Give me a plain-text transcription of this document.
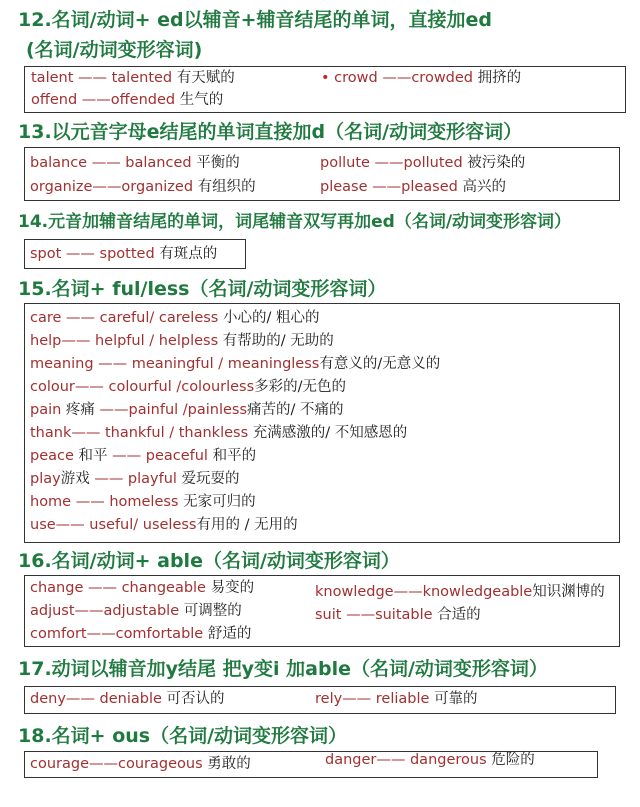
12.名词/动词+ ed以辅音+辅音结尾的单词，直接加ed
(名词/动词变形容词)
talent —— talented 有天赋的	• crowd ——crowded 拥挤的
offend ——offended 生气的
13.以元音字母e结尾的单词直接加d（名词/动词变形容词）
balance —— balanced 平衡的	pollute ——polluted 被污染的
organize——organized 有组织的	please ——pleased 高兴的
14.元音加辅音结尾的单词，词尾辅音双写再加ed（名词/动词变形容词）
spot —— spotted 有斑点的
15.名词+ ful/less（名词/动词变形容词）
care —— careful/ careless 小心的/ 粗心的
help—— helpful / helpless 有帮助的/ 无助的
meaning —— meaningful / meaningless有意义的/无意义的
colour—— colourful /colourless多彩的/无色的
pain 疼痛 ——painful /painless痛苦的/ 不痛的
thank—— thankful / thankless 充满感激的/ 不知感恩的
peace 和平 —— peaceful 和平的
play游戏 —— playful 爱玩耍的
home —— homeless 无家可归的
use—— useful/ useless有用的 / 无用的
16.名词/动词+ able（名词/动词变形容词）
change —— changeable 易变的	knowledge——knowledgeable知识渊博的
adjust——adjustable 可调整的	suit ——suitable 合适的
comfort——comfortable 舒适的
17.动词以辅音加y结尾 把y变i 加able（名词/动词变形容词）
deny—— deniable 可否认的	rely—— reliable 可靠的
18.名词+ ous（名词/动词变形容词）
courage——courageous 勇敢的	danger—— dangerous 危险的
